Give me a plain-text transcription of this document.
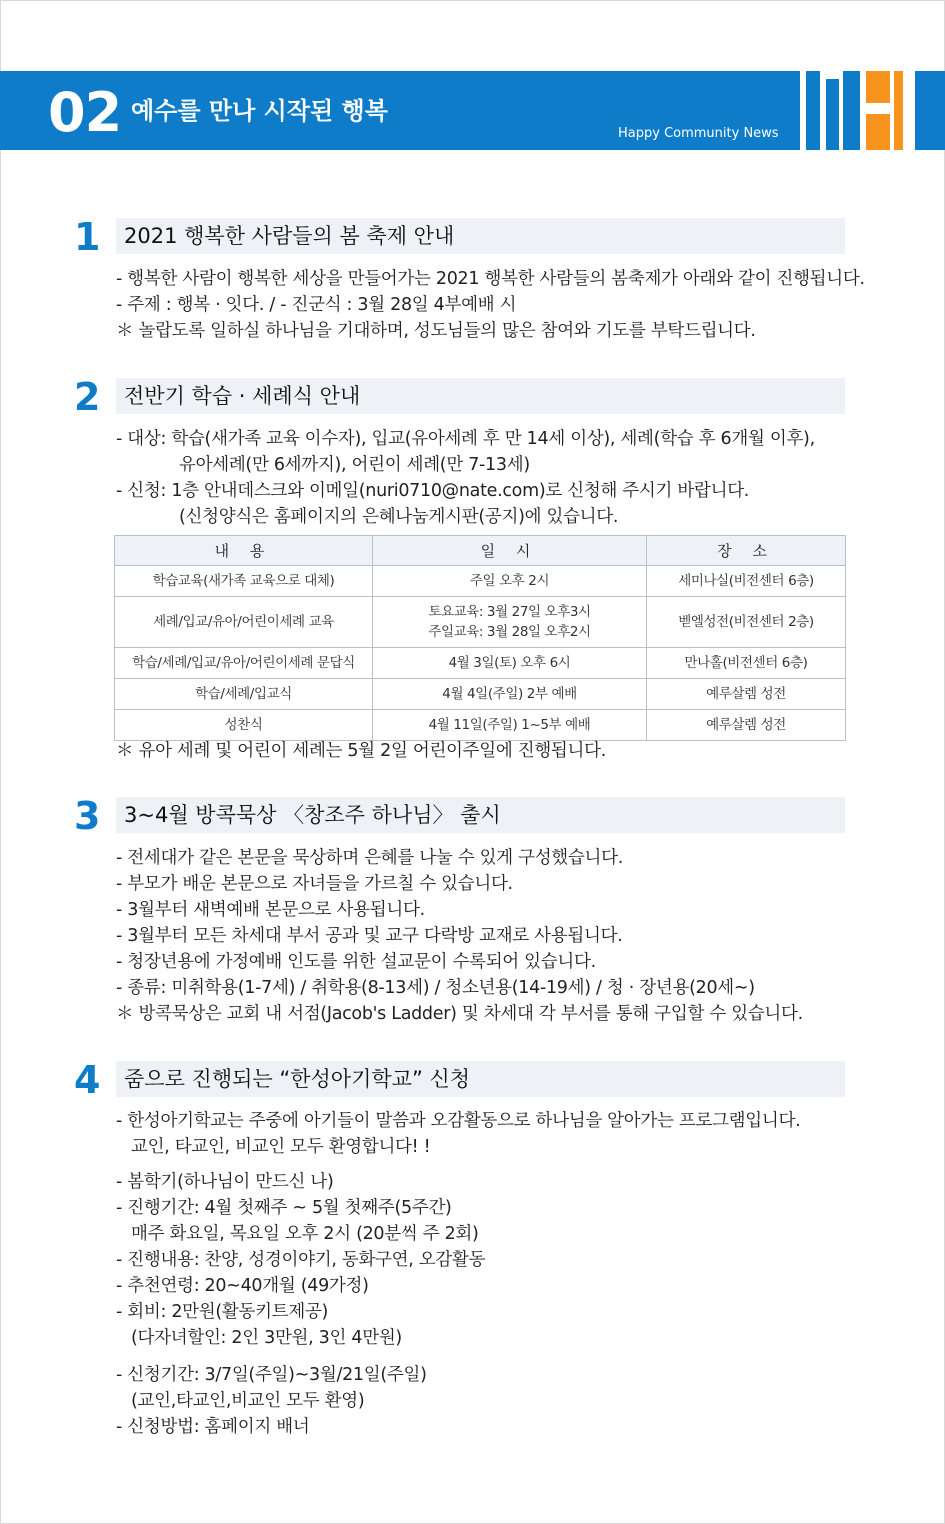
02 예수를 만나 시작된 행복
Happy Community News
1 2021 행복한 사람들의 봄 축제 안내
- 행복한 사람이 행복한 세상을 만들어가는 2021 행복한 사람들의 봄축제가 아래와 같이 진행됩니다.
- 주제 : 행복 · 잇다. / - 진군식 : 3월 28일 4부예배 시
＊ 놀랍도록 일하실 하나님을 기대하며, 성도님들의 많은 참여와 기도를 부탁드립니다.
2 전반기 학습 · 세례식 안내
- 대상: 학습(새가족 교육 이수자), 입교(유아세례 후 만 14세 이상), 세례(학습 후 6개월 이후),
유아세례(만 6세까지), 어린이 세례(만 7-13세)
- 신청: 1층 안내데스크와 이메일(nuri0710@nate.com)로 신청해 주시기 바랍니다.
(신청양식은 홈페이지의 은혜나눔게시판(공지)에 있습니다.
내 용	일 시	장 소
학습교육(새가족 교육으로 대체)	주일 오후 2시	세미나실(비전센터 6층)
세례/입교/유아/어린이세례 교육	토요교육: 3월 27일 오후3시
주일교육: 3월 28일 오후2시	벧엘성전(비전센터 2층)
학습/세례/입교/유아/어린이세례 문답식	4월 3일(토) 오후 6시	만나홀(비전센터 6층)
학습/세례/입교식	4월 4일(주일) 2부 예배	예루살렘 성전
성찬식	4월 11일(주일) 1~5부 예배	예루살렘 성전
＊ 유아 세례 및 어린이 세례는 5월 2일 어린이주일에 진행됩니다.
3 3~4월 방콕묵상 〈창조주 하나님〉 출시
- 전세대가 같은 본문을 묵상하며 은혜를 나눌 수 있게 구성했습니다.
- 부모가 배운 본문으로 자녀들을 가르칠 수 있습니다.
- 3월부터 새벽예배 본문으로 사용됩니다.
- 3월부터 모든 차세대 부서 공과 및 교구 다락방 교재로 사용됩니다.
- 청장년용에 가정예배 인도를 위한 설교문이 수록되어 있습니다.
- 종류: 미취학용(1-7세) / 취학용(8-13세) / 청소년용(14-19세) / 청 · 장년용(20세~)
＊ 방콕묵상은 교회 내 서점(Jacob's Ladder) 및 차세대 각 부서를 통해 구입할 수 있습니다.
4 줌으로 진행되는 “한성아기학교” 신청
- 한성아기학교는 주중에 아기들이 말씀과 오감활동으로 하나님을 알아가는 프로그램입니다.
교인, 타교인, 비교인 모두 환영합니다! !
- 봄학기(하나님이 만드신 나)
- 진행기간: 4월 첫째주 ~ 5월 첫째주(5주간)
매주 화요일, 목요일 오후 2시 (20분씩 주 2회)
- 진행내용: 찬양, 성경이야기, 동화구연, 오감활동
- 추천연령: 20~40개월 (49가정)
- 회비: 2만원(활동키트제공)
(다자녀할인: 2인 3만원, 3인 4만원)
- 신청기간: 3/7일(주일)~3월/21일(주일)
(교인,타교인,비교인 모두 환영)
- 신청방법: 홈페이지 배너
